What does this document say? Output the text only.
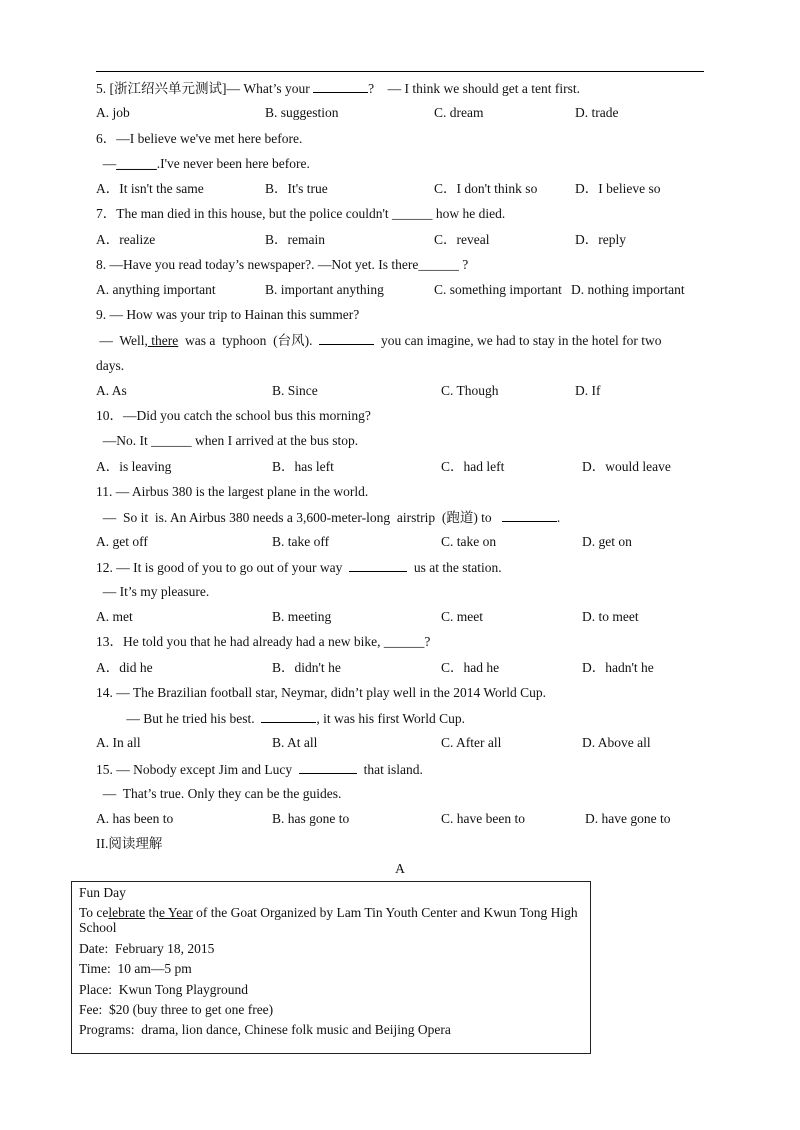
5. [浙江绍兴单元测试]— What’s your	?    — I think we should get a tent first.
A. job	B. suggestion	C. dream	D. trade
6．—I believe we've met here before.
—______.I've never been here before.
A．It isn't the same	B．It's true	C．I don't think so	D．I believe so
7．The man died in this house, but the police couldn't ______ how he died.
A．realize	B．remain	C．reveal	D．reply
8. —Have you read today’s newspaper?. —Not yet. Is there______ ?
A. anything important	B. important anything	C. something important D. nothing important
9. — How was your trip to Hainan this summer?
—  Well, there  was a  typhoon  (台风).	you can imagine, we had to stay in the hotel for two
days.
A. As	B. Since	C. Though	D. If
10．—Did you catch the school bus this morning?
—No. It ______ when I arrived at the bus stop.
A．is leaving	B．has left	C．had left	D．would leave
11. — Airbus 380 is the largest plane in the world.
—  So it  is. An Airbus 380 needs a 3,600-meter-long  airstrip  (跑道) to	.
A. get off	B. take off	C. take on	D. get on
12. — It is good of you to go out of your way	us at the station.
— It’s my pleasure.
A. met	B. meeting	C. meet	D. to meet
13．He told you that he had already had a new bike, ______?
A．did he	B．didn't he	C．had he	D．hadn't he
14. — The Brazilian football star, Neymar, didn’t play well in the 2014 World Cup.
— But he tried his best.	, it was his first World Cup.
A. In all	B. At all	C. After all	D. Above all
15. — Nobody except Jim and Lucy	that island.
—  That’s true. Only they can be the guides.
A. has been to	B. has gone to	C. have been to	D. have gone to
II.阅读理解
A
Fun Day
To celebrate the Year of the Goat Organized by Lam Tin Youth Center and Kwun Tong High School
Date:  February 18, 2015
Time:  10 am—5 pm
Place:  Kwun Tong Playground
Fee:  $20 (buy three to get one free)
Programs:  drama, lion dance, Chinese folk music and Beijing Opera
